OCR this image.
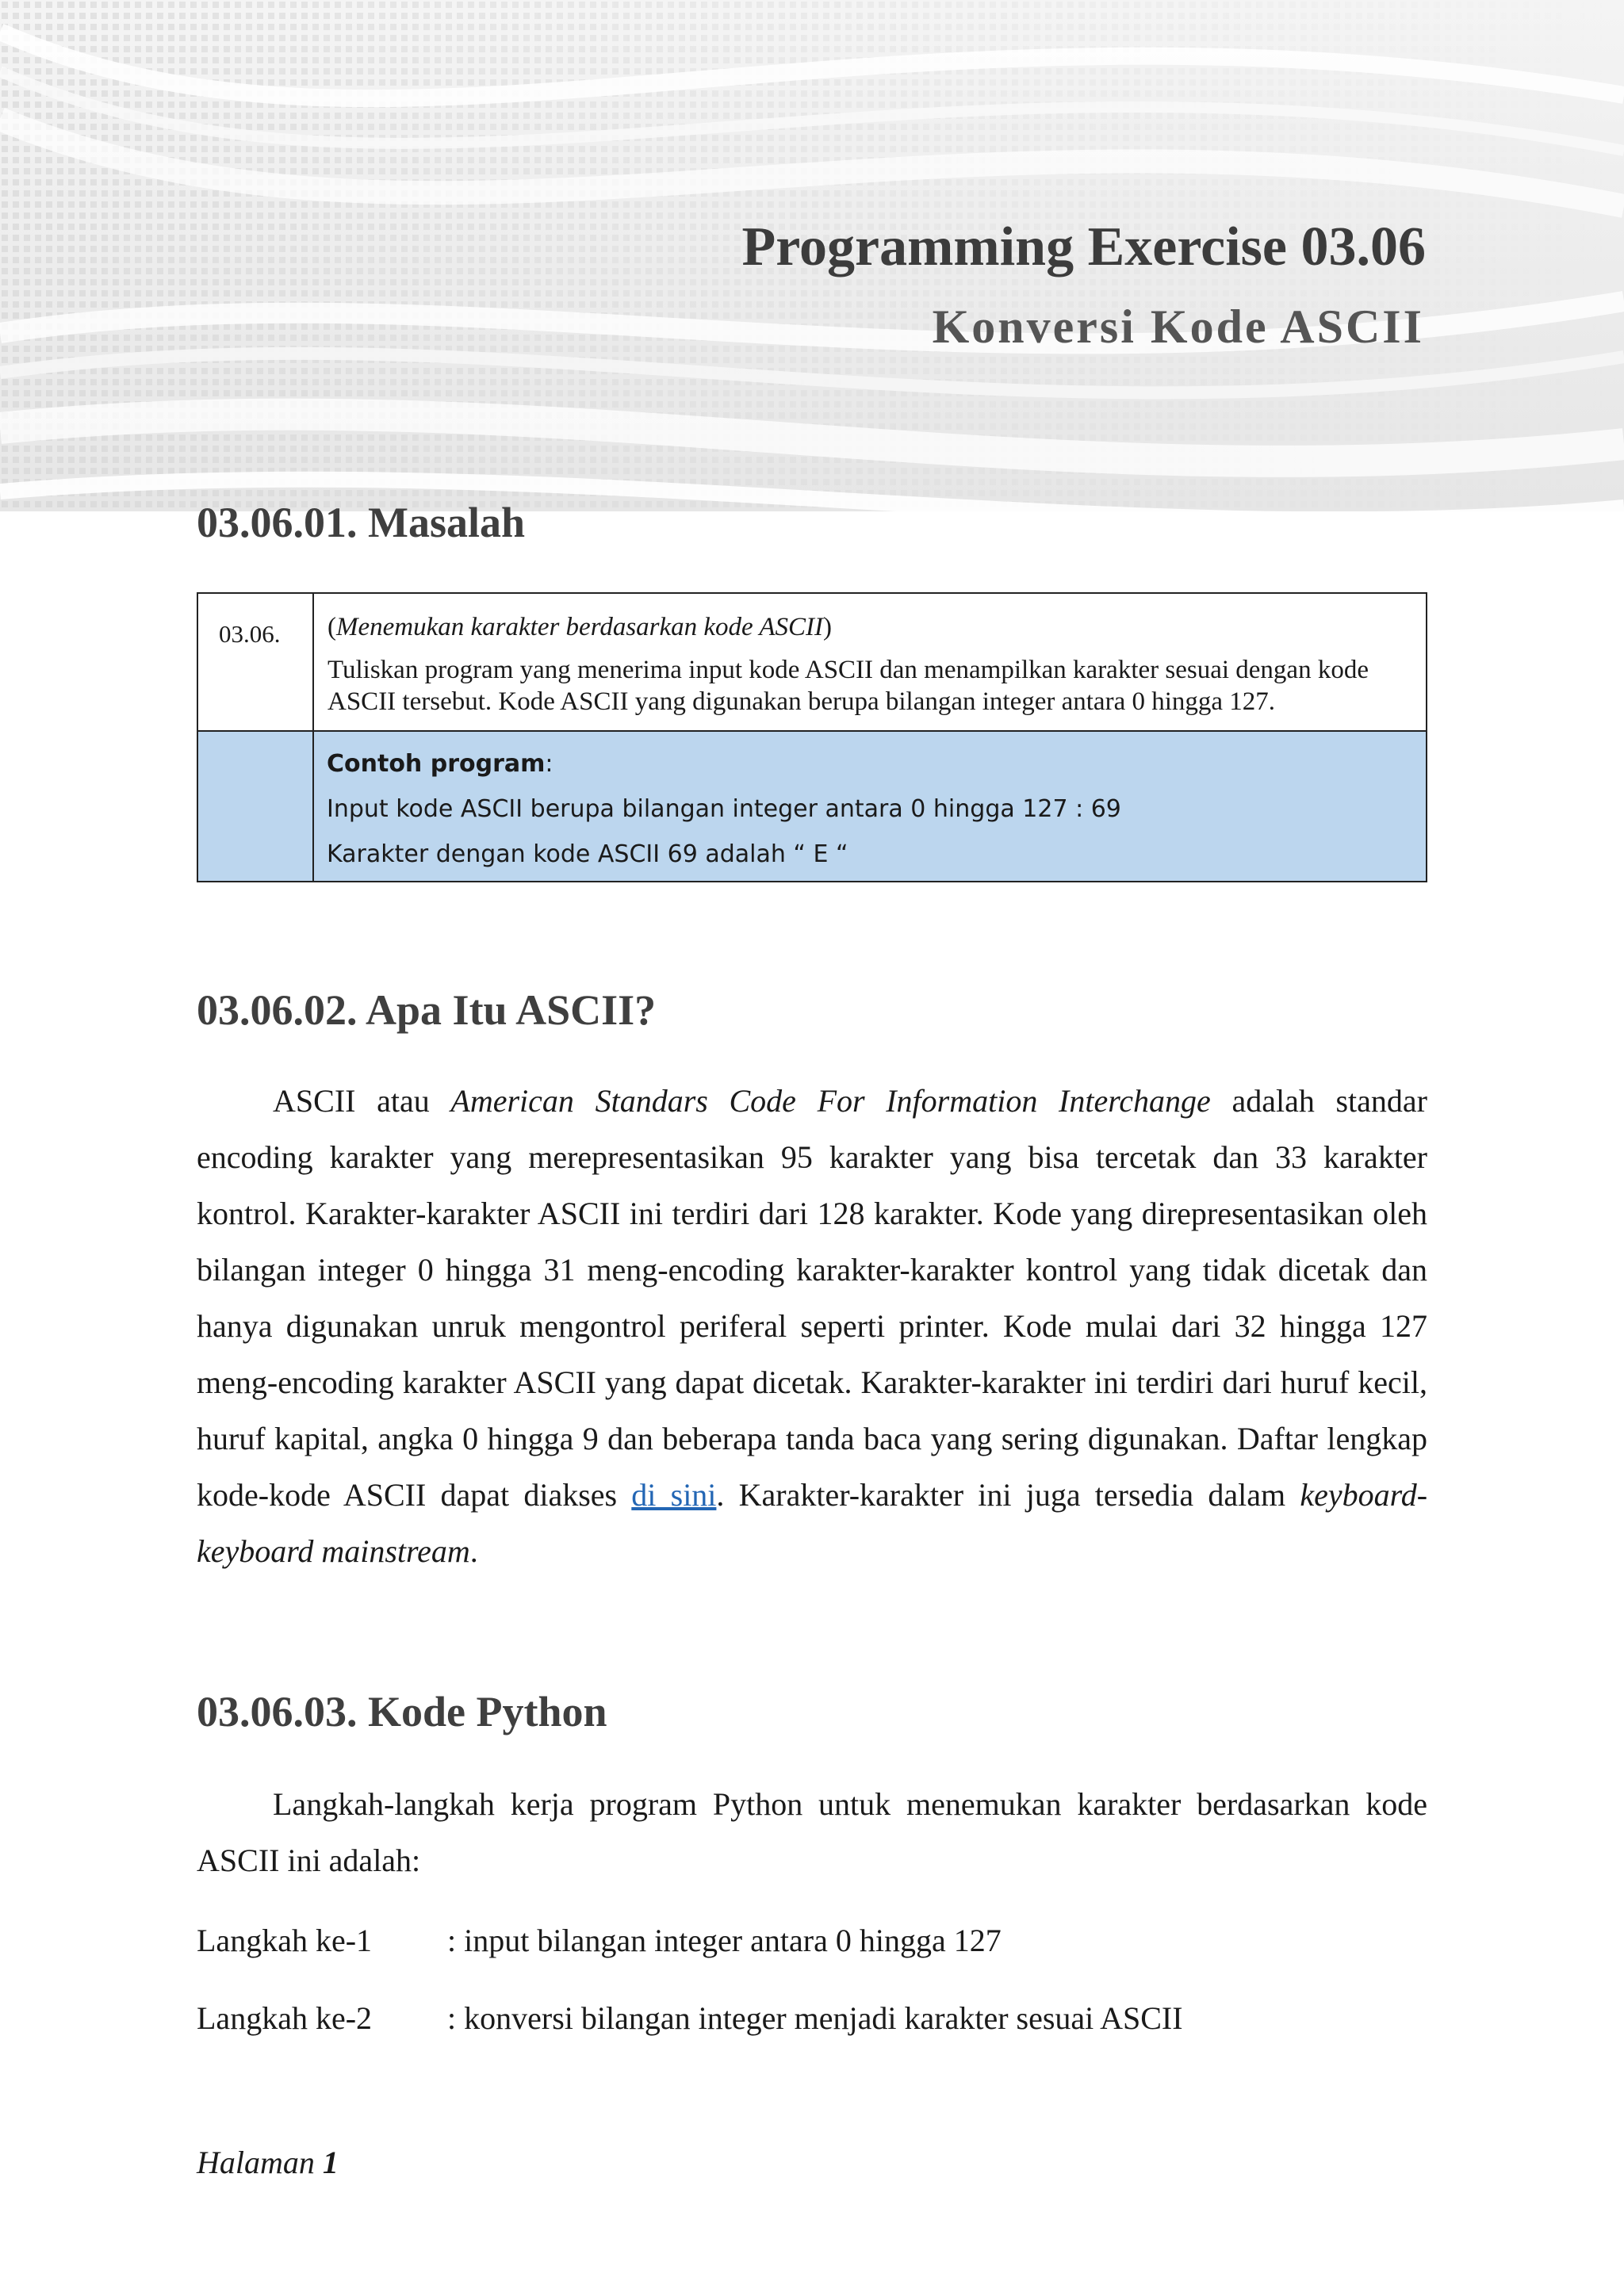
Programming Exercise 03.06
Konversi Kode ASCII
03.06.01. Masalah
03.06. (Menemukan karakter berdasarkan kode ASCII)
Tuliskan program yang menerima input kode ASCII dan menampilkan karakter sesuai dengan kode ASCII tersebut. Kode ASCII yang digunakan berupa bilangan integer antara 0 hingga 127.
Contoh program:
Input kode ASCII berupa bilangan integer antara 0 hingga 127 : 69
Karakter dengan kode ASCII 69 adalah “ E “
03.06.02. Apa Itu ASCII?

ASCII atau American Standars Code For Information Interchange adalah standar encoding karakter yang merepresentasikan 95 karakter yang bisa tercetak dan 33 karakter kontrol. Karakter-karakter ASCII ini terdiri dari 128 karakter. Kode yang direpresentasikan oleh bilangan integer 0 hingga 31 meng-encoding karakter-karakter kontrol yang tidak dicetak dan hanya digunakan unruk mengontrol periferal seperti printer. Kode mulai dari 32 hingga 127 meng-encoding karakter ASCII yang dapat dicetak. Karakter-karakter ini terdiri dari huruf kecil, huruf kapital, angka 0 hingga 9 dan beberapa tanda baca yang sering digunakan. Daftar lengkap kode-kode ASCII dapat diakses di sini. Karakter-karakter ini juga tersedia dalam keyboard-keyboard mainstream.

03.06.03. Kode Python

Langkah-langkah kerja program Python untuk menemukan karakter berdasarkan kode ASCII ini adalah:

Langkah ke-1 : input bilangan integer antara 0 hingga 127
Langkah ke-2 : konversi bilangan integer menjadi karakter sesuai ASCII
Halaman 1
